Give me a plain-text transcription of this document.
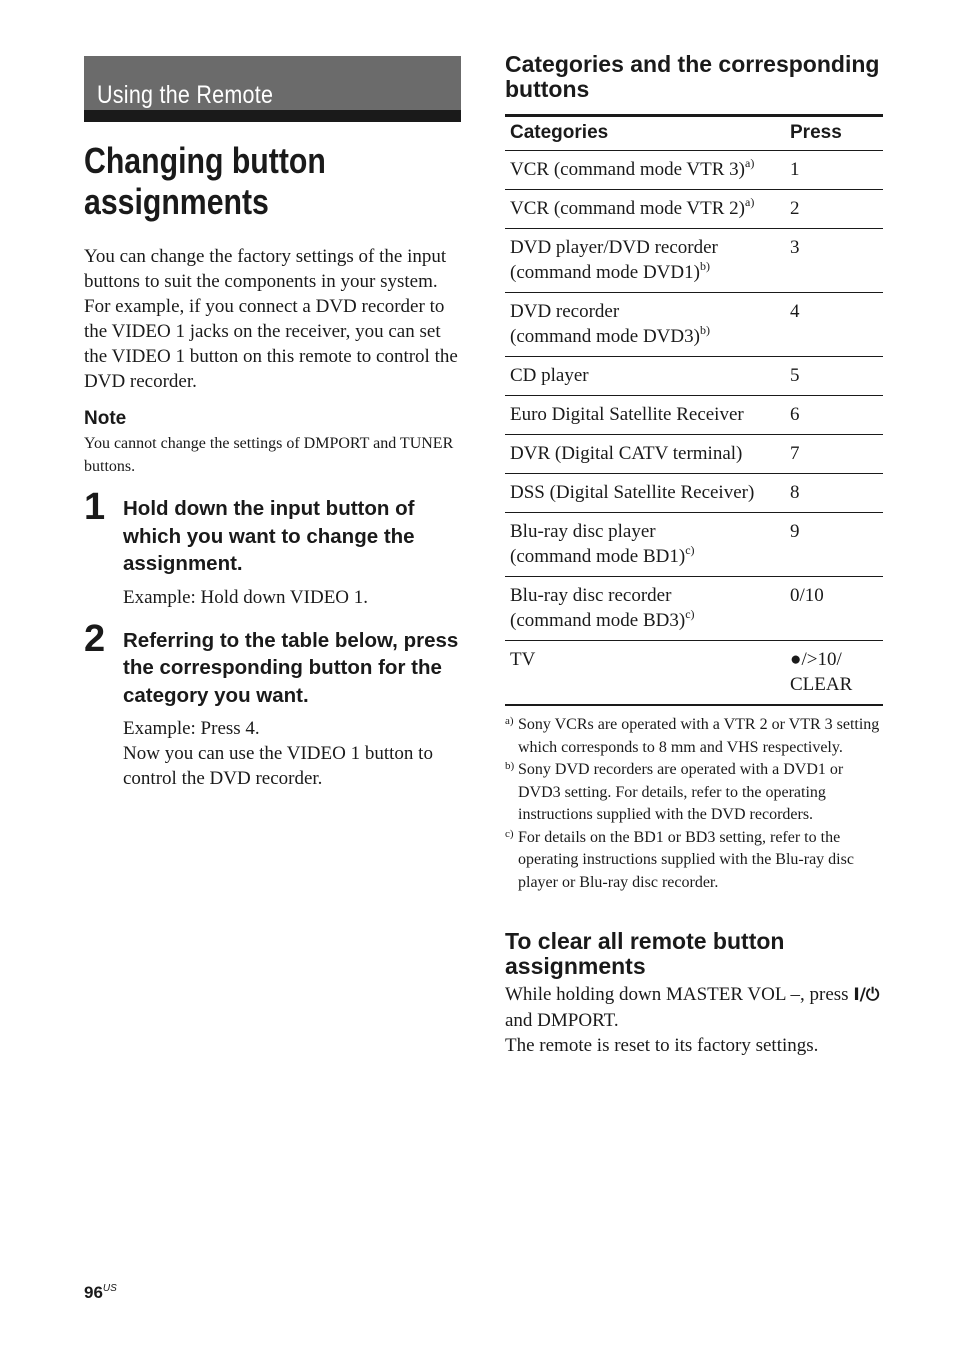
Using the Remote
Changing button assignments

You can change the factory settings of the input buttons to suit the components in your system. For example, if you connect a DVD recorder to the VIDEO 1 jacks on the receiver, you can set the VIDEO 1 button on this remote to control the DVD recorder.

Note
You cannot change the settings of DMPORT and TUNER buttons.
1 Hold down the input button of which you want to change the assignment.
Example: Hold down VIDEO 1.
2 Referring to the table below, press the corresponding button for the category you want.
Example: Press 4.
Now you can use the VIDEO 1 button to control the DVD recorder.
Categories and the corresponding buttons
Categories	Press

VCR (command mode VTR 3)$^{a)}$	1

VCR (command mode VTR 2)$^{a)}$	2

DVD player/DVD recorder
(command mode DVD1)$^{b)}$	3

DVD recorder
(command mode DVD3)$^{b)}$	4

CD player	5

Euro Digital Satellite Receiver	6

DVR (Digital CATV terminal)	7

DSS (Digital Satellite Receiver)	8

Blu-ray disc player
(command mode BD1)$^{c)}$	9

Blu-ray disc recorder
(command mode BD3)$^{c)}$	0/10

TV	●/>10/
CLEAR
a) Sony VCRs are operated with a VTR 2 or VTR 3 setting which corresponds to 8 mm and VHS respectively.
b) Sony DVD recorders are operated with a DVD1 or DVD3 setting. For details, refer to the operating instructions supplied with the DVD recorders.
c) For details on the BD1 or BD3 setting, refer to the operating instructions supplied with the Blu-ray disc player or Blu-ray disc recorder.
To clear all remote button assignments
While holding down MASTER VOL –, press I/⏻ and DMPORT.
The remote is reset to its factory settings.
$96^{US}$
